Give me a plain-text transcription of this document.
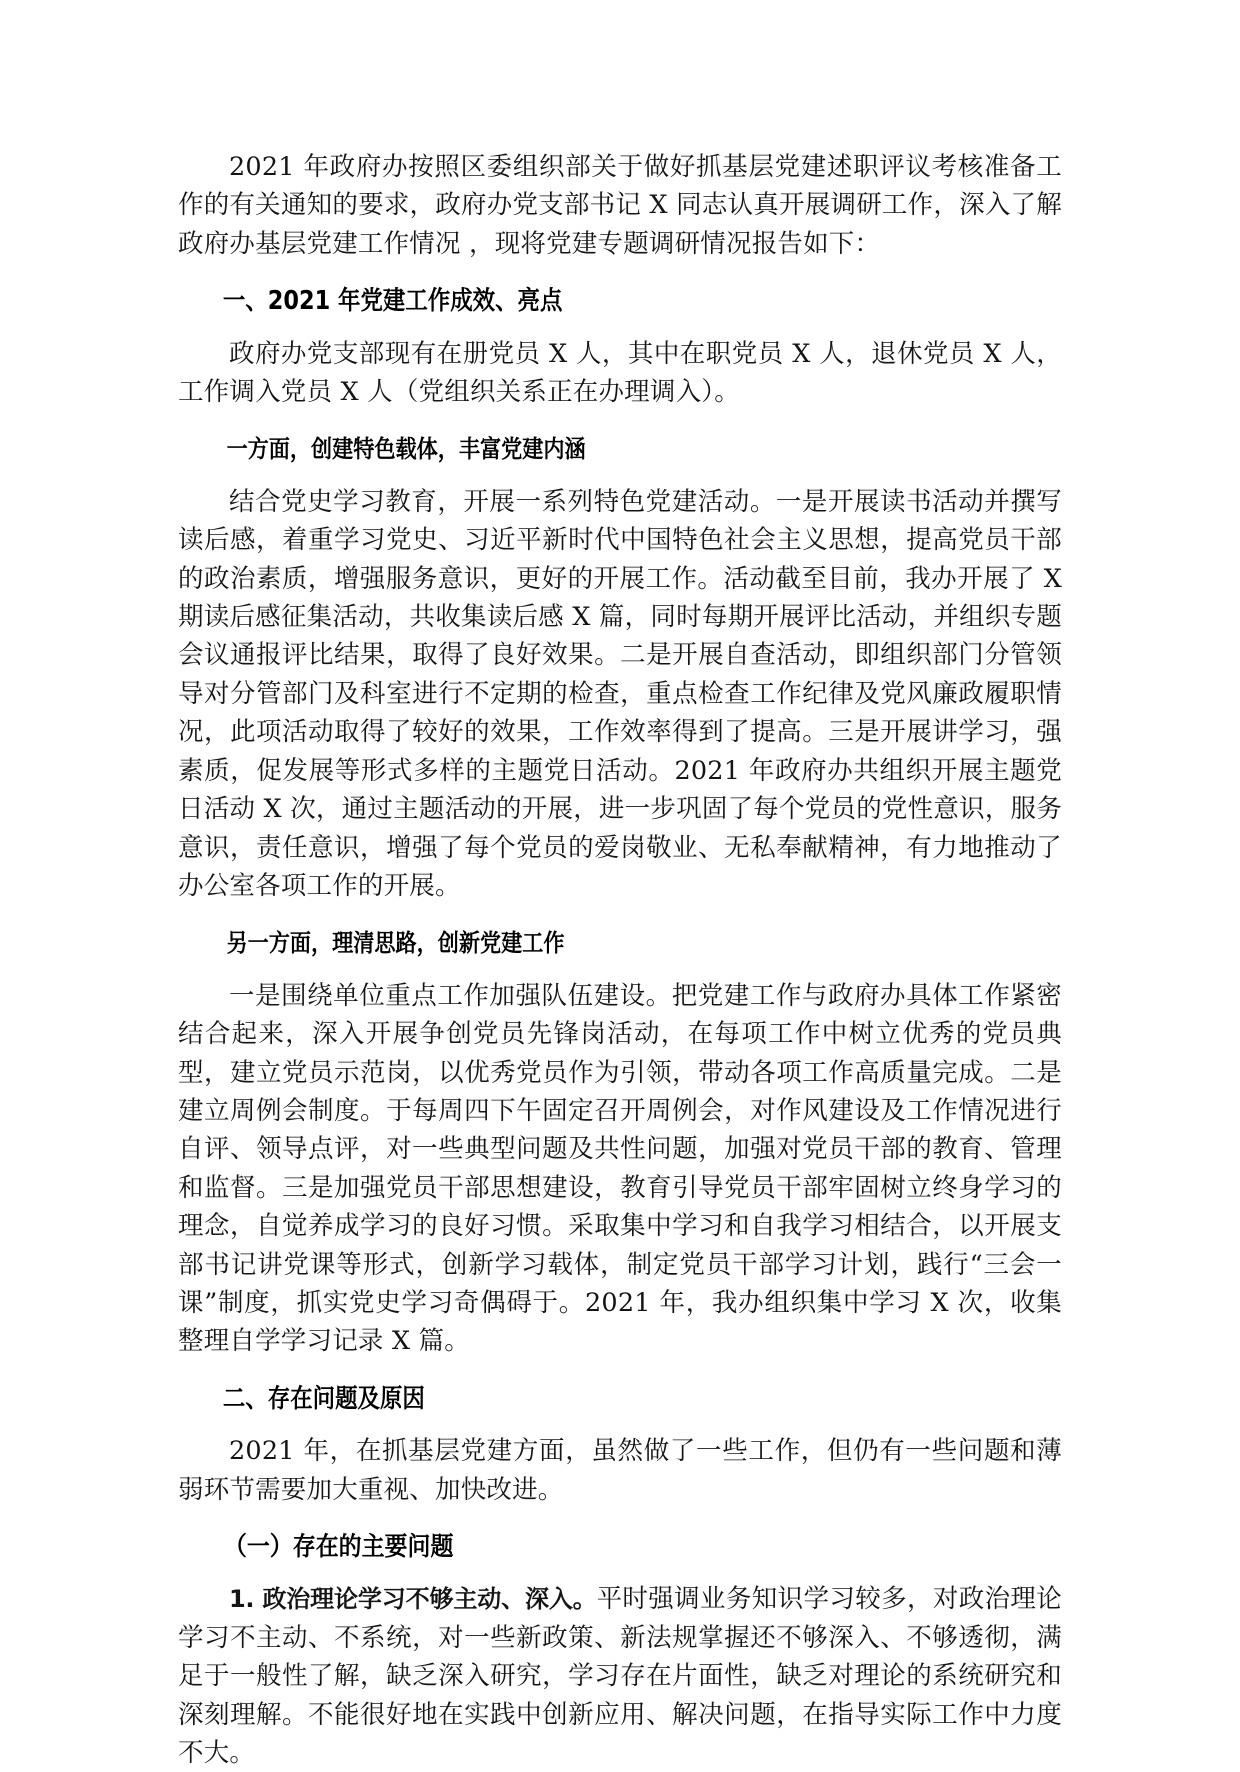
2021 年政府办按照区委组织部关于做好抓基层党建述职评议考核准备工作的有关通知的要求，政府办党支部书记 X 同志认真开展调研工作，深入了解政府办基层党建工作情况 ，现将党建专题调研情况报告如下：

一、2021 年党建工作成效、亮点

政府办党支部现有在册党员 X 人，其中在职党员 X 人，退休党员 X 人，工作调入党员 X 人（党组织关系正在办理调入）。

一方面，创建特色载体，丰富党建内涵

结合党史学习教育，开展一系列特色党建活动。一是开展读书活动并撰写读后感，着重学习党史、习近平新时代中国特色社会主义思想，提高党员干部的政治素质，增强服务意识，更好的开展工作。活动截至目前，我办开展了 X 期读后感征集活动，共收集读后感 X 篇，同时每期开展评比活动，并组织专题会议通报评比结果，取得了良好效果。二是开展自查活动，即组织部门分管领导对分管部门及科室进行不定期的检查，重点检查工作纪律及党风廉政履职情况，此项活动取得了较好的效果，工作效率得到了提高。三是开展讲学习，强素质，促发展等形式多样的主题党日活动。2021 年政府办共组织开展主题党日活动 X 次，通过主题活动的开展，进一步巩固了每个党员的党性意识，服务意识，责任意识，增强了每个党员的爱岗敬业、无私奉献精神，有力地推动了办公室各项工作的开展。

另一方面，理清思路，创新党建工作

一是围绕单位重点工作加强队伍建设。把党建工作与政府办具体工作紧密结合起来，深入开展争创党员先锋岗活动，在每项工作中树立优秀的党员典型，建立党员示范岗，以优秀党员作为引领，带动各项工作高质量完成。二是建立周例会制度。于每周四下午固定召开周例会，对作风建设及工作情况进行自评、领导点评，对一些典型问题及共性问题，加强对党员干部的教育、管理和监督。三是加强党员干部思想建设，教育引导党员干部牢固树立终身学习的理念，自觉养成学习的良好习惯。采取集中学习和自我学习相结合，以开展支部书记讲党课等形式，创新学习载体，制定党员干部学习计划，践行“三会一课”制度，抓实党史学习奇偶碍于。2021 年，我办组织集中学习 X 次，收集整理自学学习记录 X 篇。

二、存在问题及原因

2021 年，在抓基层党建方面，虽然做了一些工作，但仍有一些问题和薄弱环节需要加大重视、加快改进。

（一）存在的主要问题

1. 政治理论学习不够主动、深入。平时强调业务知识学习较多，对政治理论学习不主动、不系统，对一些新政策、新法规掌握还不够深入、不够透彻，满足于一般性了解，缺乏深入研究，学习存在片面性，缺乏对理论的系统研究和深刻理解。不能很好地在实践中创新应用、解决问题，在指导实际工作中力度不大。
